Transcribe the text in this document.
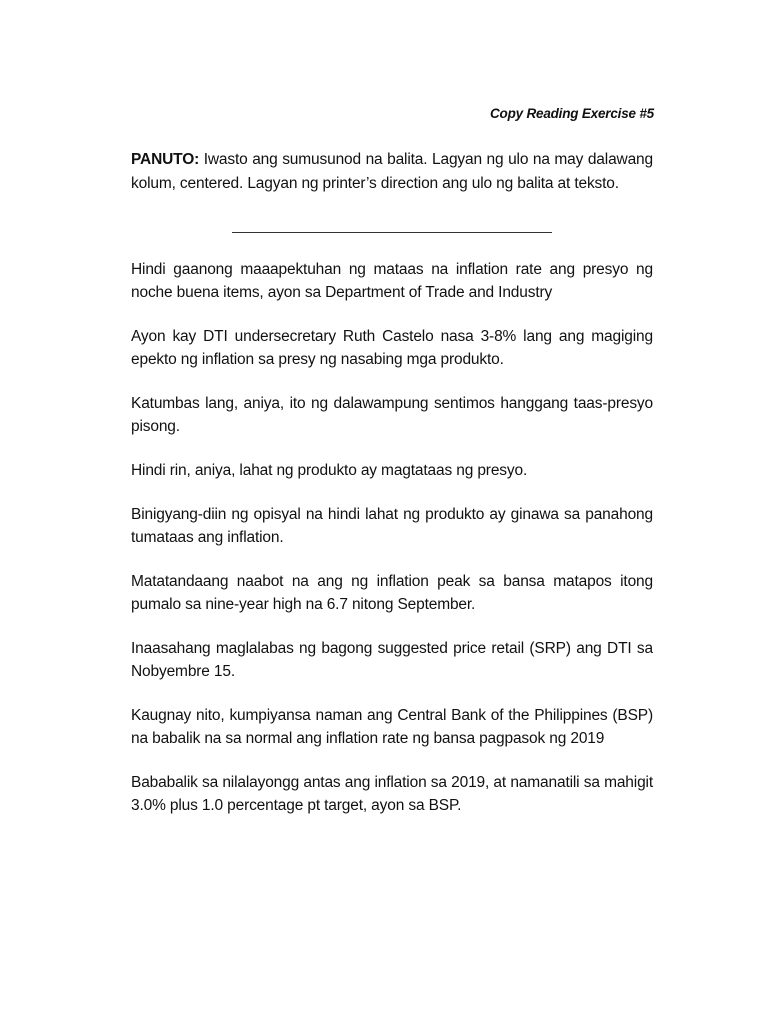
Copy Reading Exercise #5
PANUTO: Iwasto ang sumusunod na balita. Lagyan ng ulo na may dalawang kolum, centered. Lagyan ng printer’s direction ang ulo ng balita at teksto.

Hindi gaanong maaapektuhan ng mataas na inflation rate ang presyo ng noche buena items, ayon sa Department of Trade and Industry

Ayon kay DTI undersecretary Ruth Castelo nasa 3-8% lang ang magiging epekto ng inflation sa presy ng nasabing mga produkto.

Katumbas lang, aniya, ito ng dalawampung sentimos hanggang taas-presyo pisong.

Hindi rin, aniya, lahat ng produkto ay magtataas ng presyo.

Binigyang-diin ng opisyal na hindi lahat ng produkto ay ginawa sa panahong tumataas ang inflation.

Matatandaang naabot na ang ng inflation peak sa bansa matapos itong pumalo sa nine-year high na 6.7 nitong September.

Inaasahang maglalabas ng bagong suggested price retail (SRP) ang DTI sa Nobyembre 15.

Kaugnay nito, kumpiyansa naman ang Central Bank of the Philippines (BSP) na babalik na sa normal ang inflation rate ng bansa pagpasok ng 2019

Bababalik sa nilalayongg antas ang inflation sa 2019, at namanatili sa mahigit 3.0% plus 1.0 percentage pt target, ayon sa BSP.
